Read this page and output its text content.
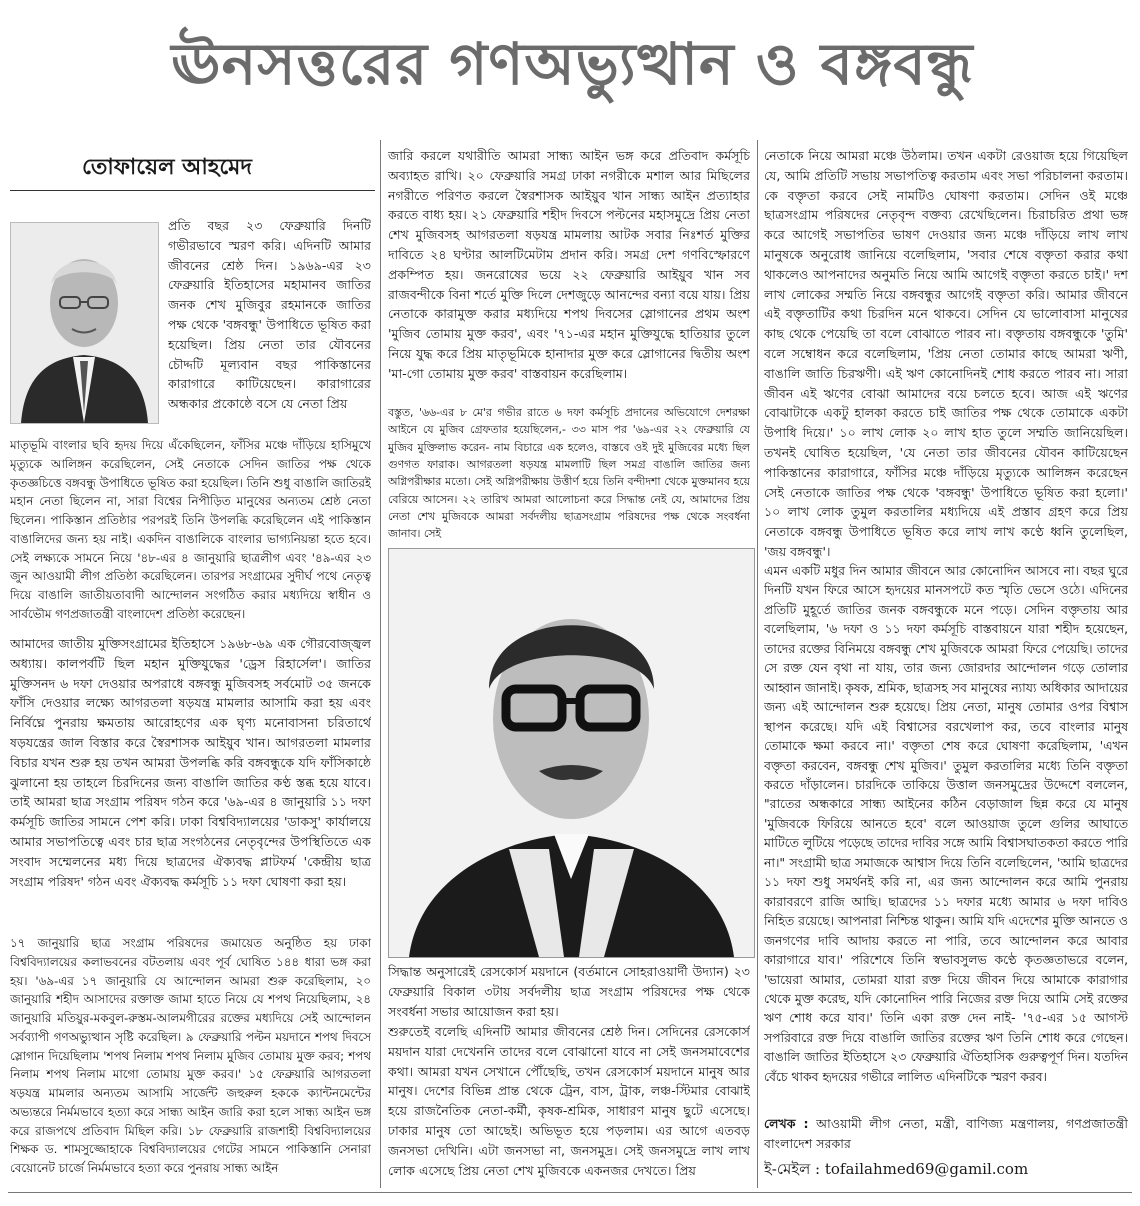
ঊনসত্তরের গণঅভ্যুত্থান ও বঙ্গবন্ধু
তোফায়েল আহমেদ

প্রতি বছর ২৩ ফেব্রুয়ারি দিনটি গভীরভাবে স্মরণ করি। এদিনটি আমার জীবনের শ্রেষ্ঠ দিন। ১৯৬৯-এর ২৩ ফেব্রুয়ারি ইতিহাসের মহামানব জাতির জনক শেখ মুজিবুর রহমানকে জাতির পক্ষ থেকে 'বঙ্গবন্ধু' উপাধিতে ভূষিত করা হয়েছিল। প্রিয় নেতা তার যৌবনের চৌদ্দটি মূল্যবান বছর পাকিস্তানের কারাগারে কাটিয়েছেন। কারাগারের অন্ধকার প্রকোষ্ঠে বসে যে নেতা প্রিয়

মাতৃভূমি বাংলার ছবি হৃদয় দিয়ে এঁকেছিলেন, ফাঁসির মঞ্চে দাঁড়িয়ে হাসিমুখে মৃত্যুকে আলিঙ্গন করেছিলেন, সেই নেতাকে সেদিন জাতির পক্ষ থেকে কৃতজ্ঞচিত্তে বঙ্গবন্ধু উপাধিতে ভূষিত করা হয়েছিল। তিনি শুধু বাঙালি জাতিরই মহান নেতা ছিলেন না, সারা বিশ্বের নিপীড়িত মানুষের অন্যতম শ্রেষ্ঠ নেতা ছিলেন। পাকিস্তান প্রতিষ্ঠার পরপরই তিনি উপলব্ধি করেছিলেন এই পাকিস্তান বাঙালিদের জন্য হয় নাই। একদিন বাঙালিকে বাংলার ভাগ্যনিয়ন্তা হতে হবে। সেই লক্ষ্যকে সামনে নিয়ে '৪৮-এর ৪ জানুয়ারি ছাত্রলীগ এবং '৪৯-এর ২৩ জুন আওয়ামী লীগ প্রতিষ্ঠা করেছিলেন। তারপর সংগ্রামের সুদীর্ঘ পথে নেতৃত্ব দিয়ে বাঙালি জাতীয়তাবাদী আন্দোলন সংগঠিত করার মধ্যদিয়ে স্বাধীন ও সার্বভৌম গণপ্রজাতন্ত্রী বাংলাদেশ প্রতিষ্ঠা করেছেন।

আমাদের জাতীয় মুক্তিসংগ্রামের ইতিহাসে ১৯৬৮-৬৯ এক গৌরবোজ্জ্বল অধ্যায়। কালপর্বটি ছিল মহান মুক্তিযুদ্ধের 'ড্রেস রিহার্সেল'। জাতির মুক্তিসনদ ৬ দফা দেওয়ার অপরাধে বঙ্গবন্ধু মুজিবসহ সর্বমোট ৩৫ জনকে ফাঁসি দেওয়ার লক্ষ্যে আগরতলা ষড়যন্ত্র মামলার আসামি করা হয় এবং নির্বিঘ্নে পুনরায় ক্ষমতায় আরোহণের এক ঘৃণ্য মনোবাসনা চরিতার্থে ষড়যন্ত্রের জাল বিস্তার করে স্বৈরশাসক আইয়ুব খান। আগরতলা মামলার বিচার যখন শুরু হয় তখন আমরা উপলব্ধি করি বঙ্গবন্ধুকে যদি ফাঁসিকাষ্ঠে ঝুলানো হয় তাহলে চিরদিনের জন্য বাঙালি জাতির কণ্ঠ স্তব্ধ হয়ে যাবে। তাই আমরা ছাত্র সংগ্রাম পরিষদ গঠন করে '৬৯-এর ৪ জানুয়ারি ১১ দফা কর্মসূচি জাতির সামনে পেশ করি। ঢাকা বিশ্ববিদ্যালয়ের 'ডাকসু' কার্যালয়ে আমার সভাপতিত্বে এবং চার ছাত্র সংগঠনের নেতৃবৃন্দের উপস্থিতিতে এক সংবাদ সম্মেলনের মধ্য দিয়ে ছাত্রদের ঐক্যবদ্ধ প্লাটফর্ম 'কেন্দ্রীয় ছাত্র সংগ্রাম পরিষদ' গঠন এবং ঐক্যবদ্ধ কর্মসূচি ১১ দফা ঘোষণা করা হয়।

১৭ জানুয়ারি ছাত্র সংগ্রাম পরিষদের জমায়েত অনুষ্ঠিত হয় ঢাকা বিশ্ববিদ্যালয়ের কলাভবনের বটতলায় এবং পূর্ব ঘোষিত ১৪৪ ধারা ভঙ্গ করা হয়। '৬৯-এর ১৭ জানুয়ারি যে আন্দোলন আমরা শুরু করেছিলাম, ২০ জানুয়ারি শহীদ আসাদের রক্তাক্ত জামা হাতে নিয়ে যে শপথ নিয়েছিলাম, ২৪ জানুয়ারি মতিয়ুর-মকবুল-রুস্তম-আলমগীরের রক্তের মধ্যদিয়ে সেই আন্দোলন সর্বব্যাপী গণঅভ্যুত্থান সৃষ্টি করেছিল। ৯ ফেব্রুয়ারি পল্টন ময়দানে শপথ দিবসে স্লোগান দিয়েছিলাম 'শপথ নিলাম শপথ নিলাম মুজিব তোমায় মুক্ত করব; শপথ নিলাম শপথ নিলাম মাগো তোমায় মুক্ত করব।' ১৫ ফেব্রুয়ারি আগরতলা ষড়যন্ত্র মামলার অন্যতম আসামি সার্জেন্ট জহুরুল হককে ক্যান্টনমেন্টের অভ্যন্তরে নির্মমভাবে হত্যা করে সান্ধ্য আইন জারি করা হলে সান্ধ্য আইন ভঙ্গ করে রাজপথে প্রতিবাদ মিছিল করি। ১৮ ফেব্রুয়ারি রাজশাহী বিশ্ববিদ্যালয়ের শিক্ষক ড. শামসুজ্জোহাকে বিশ্ববিদ্যালয়ের গেটের সামনে পাকিস্তানি সেনারা বেয়োনেট চার্জে নির্মমভাবে হত্যা করে পুনরায় সান্ধ্য আইন

জারি করলে যথারীতি আমরা সান্ধ্য আইন ভঙ্গ করে প্রতিবাদ কর্মসূচি অব্যাহত রাখি। ২০ ফেব্রুয়ারি সমগ্র ঢাকা নগরীকে মশাল আর মিছিলের নগরীতে পরিণত করলে স্বৈরশাসক আইয়ুব খান সান্ধ্য আইন প্রত্যাহার করতে বাধ্য হয়। ২১ ফেব্রুয়ারি শহীদ দিবসে পল্টনের মহাসমুদ্রে প্রিয় নেতা শেখ মুজিবসহ আগরতলা ষড়যন্ত্র মামলায় আটক সবার নিঃশর্ত মুক্তির দাবিতে ২৪ ঘণ্টার আলটিমেটাম প্রদান করি। সমগ্র দেশ গণবিস্ফোরণে প্রকম্পিত হয়। জনরোষের ভয়ে ২২ ফেব্রুয়ারি আইয়ুব খান সব রাজবন্দীকে বিনা শর্তে মুক্তি দিলে দেশজুড়ে আনন্দের বন্যা বয়ে যায়। প্রিয় নেতাকে কারামুক্ত করার মধ্যদিয়ে শপথ দিবসের স্লোগানের প্রথম অংশ 'মুজিব তোমায় মুক্ত করব', এবং '৭১-এর মহান মুক্তিযুদ্ধে হাতিয়ার তুলে নিয়ে যুদ্ধ করে প্রিয় মাতৃভূমিকে হানাদার মুক্ত করে স্লোগানের দ্বিতীয় অংশ 'মা-গো তোমায় মুক্ত করব' বাস্তবায়ন করেছিলাম।

বস্তুত, '৬৬-এর ৮ মে'র গভীর রাতে ৬ দফা কর্মসূচি প্রদানের অভিযোগে দেশরক্ষা আইনে যে মুজিব গ্রেফতার হয়েছিলেন,- ৩৩ মাস পর '৬৯-এর ২২ ফেব্রুয়ারি যে মুজিব মুক্তিলাভ করেন- নাম বিচারে এক হলেও, বাস্তবে ওই দুই মুজিবের মধ্যে ছিল গুণগত ফারাক। আগরতলা ষড়যন্ত্র মামলাটি ছিল সমগ্র বাঙালি জাতির জন্য অগ্নিপরীক্ষার মতো। সেই অগ্নিপরীক্ষায় উত্তীর্ণ হয়ে তিনি বন্দীদশা থেকে মুক্তমানব হয়ে বেরিয়ে আসেন। ২২ তারিখ আমরা আলোচনা করে সিদ্ধান্ত নেই যে, আমাদের প্রিয় নেতা শেখ মুজিবকে আমরা সর্বদলীয় ছাত্রসংগ্রাম পরিষদের পক্ষ থেকে সংবর্ধনা জানাব। সেই

সিদ্ধান্ত অনুসারেই রেসকোর্স ময়দানে (বর্তমানে সোহরাওয়ার্দী উদ্যান) ২৩ ফেব্রুয়ারি বিকাল ৩টায় সর্বদলীয় ছাত্র সংগ্রাম পরিষদের পক্ষ থেকে সংবর্ধনা সভার আয়োজন করা হয়।

শুরুতেই বলেছি এদিনটি আমার জীবনের শ্রেষ্ঠ দিন। সেদিনের রেসকোর্স ময়দান যারা দেখেননি তাদের বলে বোঝানো যাবে না সেই জনসমাবেশের কথা। আমরা যখন সেখানে পৌঁছেছি, তখন রেসকোর্স ময়দানে মানুষ আর মানুষ। দেশের বিভিন্ন প্রান্ত থেকে ট্রেন, বাস, ট্রাক, লঞ্চ-স্টিমার বোঝাই হয়ে রাজনৈতিক নেতা-কর্মী, কৃষক-শ্রমিক, সাধারণ মানুষ ছুটে এসেছে। ঢাকার মানুষ তো আছেই। অভিভূত হয়ে পড়লাম। এর আগে এতবড় জনসভা দেখিনি। এটা জনসভা না, জনসমুদ্র। সেই জনসমুদ্রে লাখ লাখ লোক এসেছে প্রিয় নেতা শেখ মুজিবকে একনজর দেখতে। প্রিয়

নেতাকে নিয়ে আমরা মঞ্চে উঠলাম। তখন একটা রেওয়াজ হয়ে গিয়েছিল যে, আমি প্রতিটি সভায় সভাপতিত্ব করতাম এবং সভা পরিচালনা করতাম। কে বক্তৃতা করবে সেই নামটিও ঘোষণা করতাম। সেদিন ওই মঞ্চে ছাত্রসংগ্রাম পরিষদের নেতৃবৃন্দ বক্তব্য রেখেছিলেন। চিরাচরিত প্রথা ভঙ্গ করে আগেই সভাপতির ভাষণ দেওয়ার জন্য মঞ্চে দাঁড়িয়ে লাখ লাখ মানুষকে অনুরোধ জানিয়ে বলেছিলাম, 'সবার শেষে বক্তৃতা করার কথা থাকলেও আপনাদের অনুমতি নিয়ে আমি আগেই বক্তৃতা করতে চাই।' দশ লাখ লোকের সম্মতি নিয়ে বঙ্গবন্ধুর আগেই বক্তৃতা করি। আমার জীবনে এই বক্তৃতাটির কথা চিরদিন মনে থাকবে। সেদিন যে ভালোবাসা মানুষের কাছ থেকে পেয়েছি তা বলে বোঝাতে পারব না। বক্তৃতায় বঙ্গবন্ধুকে 'তুমি' বলে সম্বোধন করে বলেছিলাম, 'প্রিয় নেতা তোমার কাছে আমরা ঋণী, বাঙালি জাতি চিরঋণী। এই ঋণ কোনোদিনই শোধ করতে পারব না। সারা জীবন এই ঋণের বোঝা আমাদের বয়ে চলতে হবে। আজ এই ঋণের বোঝাটাকে একটু হালকা করতে চাই জাতির পক্ষ থেকে তোমাকে একটা উপাধি দিয়ে।' ১০ লাখ লোক ২০ লাখ হাত তুলে সম্মতি জানিয়েছিল। তখনই ঘোষিত হয়েছিল, 'যে নেতা তার জীবনের যৌবন কাটিয়েছেন পাকিস্তানের কারাগারে, ফাঁসির মঞ্চে দাঁড়িয়ে মৃত্যুকে আলিঙ্গন করেছেন সেই নেতাকে জাতির পক্ষ থেকে 'বঙ্গবন্ধু' উপাধিতে ভূষিত করা হলো।' ১০ লাখ লোক তুমুল করতালির মধ্যদিয়ে এই প্রস্তাব গ্রহণ করে প্রিয় নেতাকে বঙ্গবন্ধু উপাধিতে ভূষিত করে লাখ লাখ কণ্ঠে ধ্বনি তুলেছিল, 'জয় বঙ্গবন্ধু'।

এমন একটি মধুর দিন আমার জীবনে আর কোনোদিন আসবে না। বছর ঘুরে দিনটি যখন ফিরে আসে হৃদয়ের মানসপটে কত স্মৃতি ভেসে ওঠে। এদিনের প্রতিটি মুহূর্তে জাতির জনক বঙ্গবন্ধুকে মনে পড়ে। সেদিন বক্তৃতায় আর বলেছিলাম, '৬ দফা ও ১১ দফা কর্মসূচি বাস্তবায়নে যারা শহীদ হয়েছেন, তাদের রক্তের বিনিময়ে বঙ্গবন্ধু শেখ মুজিবকে আমরা ফিরে পেয়েছি। তাদের সে রক্ত যেন বৃথা না যায়, তার জন্য জোরদার আন্দোলন গড়ে তোলার আহ্বান জানাই। কৃষক, শ্রমিক, ছাত্রসহ সব মানুষের ন্যায্য অধিকার আদায়ের জন্য এই আন্দোলন শুরু হয়েছে। প্রিয় নেতা, মানুষ তোমার ওপর বিশ্বাস স্থাপন করেছে। যদি এই বিশ্বাসের বরখেলাপ কর, তবে বাংলার মানুষ তোমাকে ক্ষমা করবে না।' বক্তৃতা শেষ করে ঘোষণা করেছিলাম, 'এখন বক্তৃতা করবেন, বঙ্গবন্ধু শেখ মুজিব।' তুমুল করতালির মধ্যে তিনি বক্তৃতা করতে দাঁড়ালেন। চারদিকে তাকিয়ে উত্তাল জনসমুদ্রের উদ্দেশে বললেন, "রাতের অন্ধকারে সান্ধ্য আইনের কঠিন বেড়াজাল ছিন্ন করে যে মানুষ 'মুজিবকে ফিরিয়ে আনতে হবে' বলে আওয়াজ তুলে গুলির আঘাতে মাটিতে লুটিয়ে পড়েছে তাদের দাবির সঙ্গে আমি বিশ্বাসঘাতকতা করতে পারি না।" সংগ্রামী ছাত্র সমাজকে আশ্বাস দিয়ে তিনি বলেছিলেন, 'আমি ছাত্রদের ১১ দফা শুধু সমর্থনই করি না, এর জন্য আন্দোলন করে আমি পুনরায় কারাবরণে রাজি আছি। ছাত্রদের ১১ দফার মধ্যে আমার ৬ দফা দাবিও নিহিত রয়েছে। আপনারা নিশ্চিন্ত থাকুন। আমি যদি এদেশের মুক্তি আনতে ও জনগণের দাবি আদায় করতে না পারি, তবে আন্দোলন করে আবার কারাগারে যাব।' পরিশেষে তিনি স্বভাবসুলভ কণ্ঠে কৃতজ্ঞতাভরে বলেন, 'ভায়েরা আমার, তোমরা যারা রক্ত দিয়ে জীবন দিয়ে আমাকে কারাগার থেকে মুক্ত করেছ, যদি কোনোদিন পারি নিজের রক্ত দিয়ে আমি সেই রক্তের ঋণ শোধ করে যাব।' তিনি একা রক্ত দেন নাই- '৭৫-এর ১৫ আগস্ট সপরিবারে রক্ত দিয়ে বাঙালি জাতির রক্তের ঋণ তিনি শোধ করে গেছেন। বাঙালি জাতির ইতিহাসে ২৩ ফেব্রুয়ারি ঐতিহাসিক গুরুত্বপূর্ণ দিন। যতদিন বেঁচে থাকব হৃদয়ের গভীরে লালিত এদিনটিকে স্মরণ করব।

লেখক : আওয়ামী লীগ নেতা, মন্ত্রী, বাণিজ্য মন্ত্রণালয়, গণপ্রজাতন্ত্রী বাংলাদেশ সরকার

ই-মেইল : tofailahmed69@gamil.com
